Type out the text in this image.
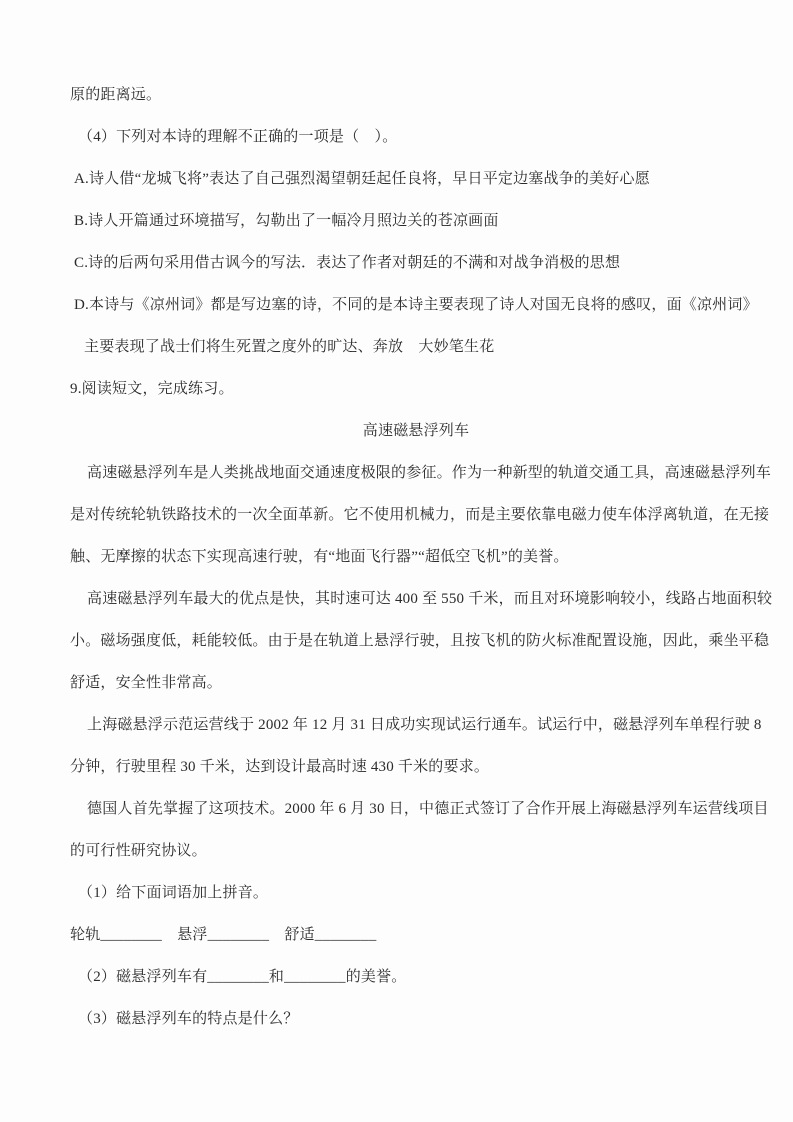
原的距离远。
（4）下列对本诗的理解不正确的一项是（　）。
A.诗人借“龙城飞将”表达了自己强烈渴望朝廷起任良将，早日平定边塞战争的美好心愿
B.诗人开篇通过环境描写，勾勒出了一幅冷月照边关的苍凉画面
C.诗的后两句采用借古讽今的写法．表达了作者对朝廷的不满和对战争消极的思想
D.本诗与《凉州词》都是写边塞的诗，不同的是本诗主要表现了诗人对国无良将的感叹，面《凉州词》
主要表现了战士们将生死置之度外的旷达、奔放　大妙笔生花
9.阅读短文，完成练习。
高速磁悬浮列车
高速磁悬浮列车是人类挑战地面交通速度极限的参征。作为一种新型的轨道交通工具，高速磁悬浮列车
是对传统轮轨铁路技术的一次全面革新。它不使用机械力，而是主要依靠电磁力使车体浮离轨道，在无接
触、无摩擦的状态下实现高速行驶，有“地面飞行器”“超低空飞机”的美誉。
高速磁悬浮列车最大的优点是快，其时速可达 400 至 550 千米，而且对环境影响较小，线路占地面积较
小。磁场强度低，耗能较低。由于是在轨道上悬浮行驶，且按飞机的防火标准配置设施，因此，乘坐平稳
舒适，安全性非常高。
上海磁悬浮示范运营线于 2002 年 12 月 31 日成功实现试运行通车。试运行中，磁悬浮列车单程行驶 8
分钟，行驶里程 30 千米，达到设计最高时速 430 千米的要求。
德国人首先掌握了这项技术。2000 年 6 月 30 日，中德正式签订了合作开展上海磁悬浮列车运营线项目
的可行性研究协议。
（1）给下面词语加上拼音。
轮轨________　悬浮________　舒适________
（2）磁悬浮列车有________和________的美誉。
（3）磁悬浮列车的特点是什么？
